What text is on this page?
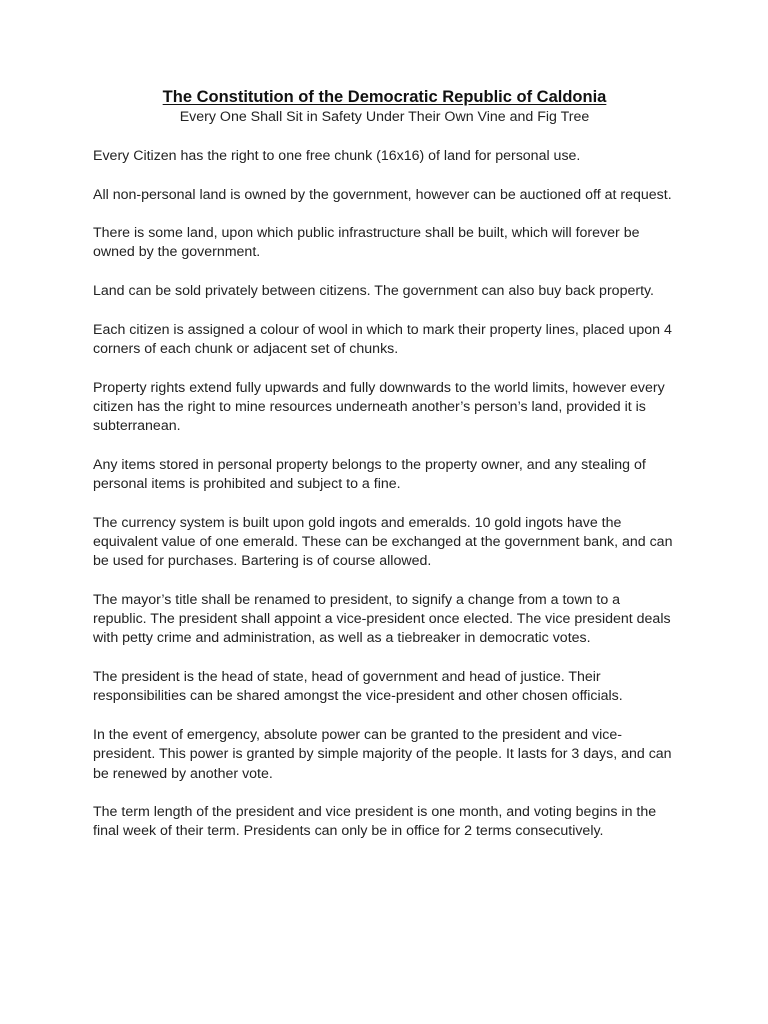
The Constitution of the Democratic Republic of Caldonia

Every One Shall Sit in Safety Under Their Own Vine and Fig Tree

Every Citizen has the right to one free chunk (16x16) of land for personal use.

All non-personal land is owned by the government, however can be auctioned off at request.

There is some land, upon which public infrastructure shall be built, which will forever be owned by the government.

Land can be sold privately between citizens. The government can also buy back property.

Each citizen is assigned a colour of wool in which to mark their property lines, placed upon 4 corners of each chunk or adjacent set of chunks.

Property rights extend fully upwards and fully downwards to the world limits, however every citizen has the right to mine resources underneath another’s person’s land, provided it is subterranean.

Any items stored in personal property belongs to the property owner, and any stealing of personal items is prohibited and subject to a fine.

The currency system is built upon gold ingots and emeralds. 10 gold ingots have the equivalent value of one emerald. These can be exchanged at the government bank, and can be used for purchases. Bartering is of course allowed.

The mayor’s title shall be renamed to president, to signify a change from a town to a republic. The president shall appoint a vice-president once elected. The vice president deals with petty crime and administration, as well as a tiebreaker in democratic votes.

The president is the head of state, head of government and head of justice. Their responsibilities can be shared amongst the vice-president and other chosen officials.

In the event of emergency, absolute power can be granted to the president and vice-president. This power is granted by simple majority of the people. It lasts for 3 days, and can be renewed by another vote.

The term length of the president and vice president is one month, and voting begins in the final week of their term. Presidents can only be in office for 2 terms consecutively.
